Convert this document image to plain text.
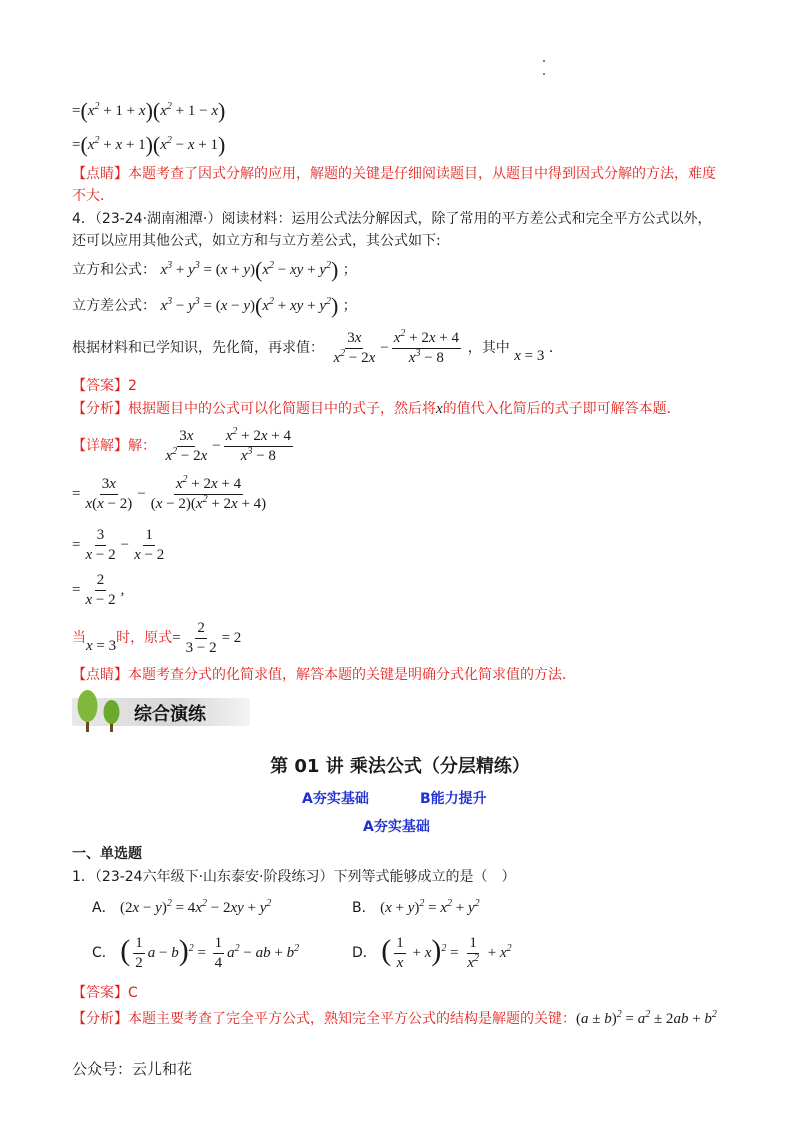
$=(x^2 + 1 + x)(x^2 + 1 - x)$
$=(x^2 + x + 1)(x^2 - x + 1)$
【点睛】本题考查了因式分解的应用，解题的关键是仔细阅读题目，从题目中得到因式分解的方法，难度
不大．
4．（23-24·湖南湘潭·）阅读材料：运用公式法分解因式，除了常用的平方差公式和完全平方公式以外，
还可以应用其他公式，如立方和与立方差公式，其公式如下:
立方和公式： $x^3 + y^3 = (x + y)(x^2$ − xy + $y^2$) ；
立方差公式： $x^3 - y^3 = (x - y)(x^2$ + xy + $y^2$) ；
根据材料和已学知识，先化简，再求值： $\frac{3x}{x^2 - 2x} - \frac{x^2 + 2x + 4}{x^3 - 8}$ ，其中 x = 3 ．
【答案】2
【分析】根据题目中的公式可以化简题目中的式子，然后将x的值代入化简后的式子即可解答本题．
【详解】解： $\frac{3x}{x^2 - 2x} - \frac{x^2 + 2x + 4}{x^3 - 8}$
= $\frac{3x}{x(x - 2)} - \frac{x^2 + 2x + 4}{(x - 2)(x^2 + 2x + 4)}$
= $\frac{3}{x - 2} - \frac{1}{x - 2}$
= $\frac{2}{x - 2}$ ,
当x = 3时，原式= $\frac{2}{3 - 2} = 2$
【点睛】本题考查分式的化简求值，解答本题的关键是明确分式化简求值的方法．
综合演练
第 01 讲 乘法公式（分层精练）
A夯实基础	B能力提升
A夯实基础
一、单选题
1．（23-24六年级下·山东泰安·阶段练习）下列等式能够成立的是（　）
A． $(2x - y)^2 = 4x^2 - 2xy + y^2$	B． $(x + y)^2 = x^2 + y^2$
C． ( $\frac{1}{2}$ $a - b)^2 = \frac{1}{4} a^2$ − ab + $b^2$	D． ( $\frac{1}{x} + x)^2 = \frac{1}{x^2} + x^2$
【答案】C
【分析】本题主要考查了完全平方公式，熟知完全平方公式的结构是解题的关键：$(a \pm b)^2 = a^2 \pm 2ab + b^2$
公众号：云儿和花
